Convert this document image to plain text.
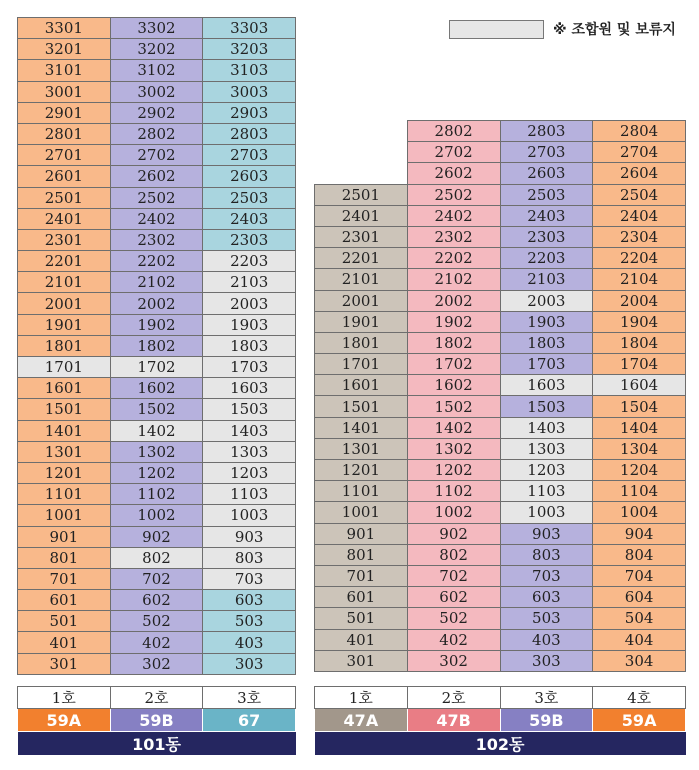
※ 조합원 및 보류지
3301	3302	3303
3201	3202	3203
3101	3102	3103
3001	3002	3003
2901	2902	2903
2801	2802	2803
2701	2702	2703
2601	2602	2603
2501	2502	2503
2401	2402	2403
2301	2302	2303
2201	2202	2203
2101	2102	2103
2001	2002	2003
1901	1902	1903
1801	1802	1803
1701	1702	1703
1601	1602	1603
1501	1502	1503
1401	1402	1403
1301	1302	1303
1201	1202	1203
1101	1102	1103
1001	1002	1003
901	902	903
801	802	803
701	702	703
601	602	603
501	502	503
401	402	403
301	302	303
	2802	2803	2804
	2702	2703	2704
	2602	2603	2604
2501	2502	2503	2504
2401	2402	2403	2404
2301	2302	2303	2304
2201	2202	2203	2204
2101	2102	2103	2104
2001	2002	2003	2004
1901	1902	1903	1904
1801	1802	1803	1804
1701	1702	1703	1704
1601	1602	1603	1604
1501	1502	1503	1504
1401	1402	1403	1404
1301	1302	1303	1304
1201	1202	1203	1204
1101	1102	1103	1104
1001	1002	1003	1004
901	902	903	904
801	802	803	804
701	702	703	704
601	602	603	604
501	502	503	504
401	402	403	404
301	302	303	304
1호	2호	3호
59A	59B	67
101동		
1호	2호	3호	4호
47A	47B	59B	59A
102동			
